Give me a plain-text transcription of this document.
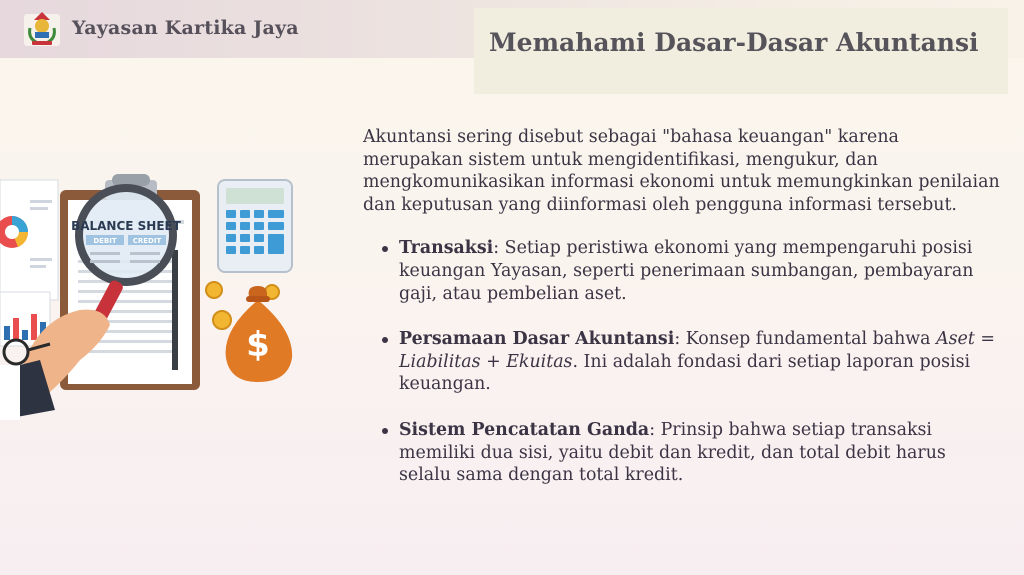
Yayasan Kartika Jaya	Memahami Dasar-Dasar Akuntansi
BALANCE SHEET
DEBIT CREDIT
$

Akuntansi sering disebut sebagai "bahasa keuangan" karena merupakan sistem untuk mengidentifikasi, mengukur, dan mengkomunikasikan informasi ekonomi untuk memungkinkan penilaian dan keputusan yang diinformasi oleh pengguna informasi tersebut.

Transaksi: Setiap peristiwa ekonomi yang mempengaruhi posisi keuangan Yayasan, seperti penerimaan sumbangan, pembayaran gaji, atau pembelian aset.
Persamaan Dasar Akuntansi: Konsep fundamental bahwa Aset = Liabilitas + Ekuitas. Ini adalah fondasi dari setiap laporan posisi keuangan.
Sistem Pencatatan Ganda: Prinsip bahwa setiap transaksi memiliki dua sisi, yaitu debit dan kredit, dan total debit harus selalu sama dengan total kredit.
